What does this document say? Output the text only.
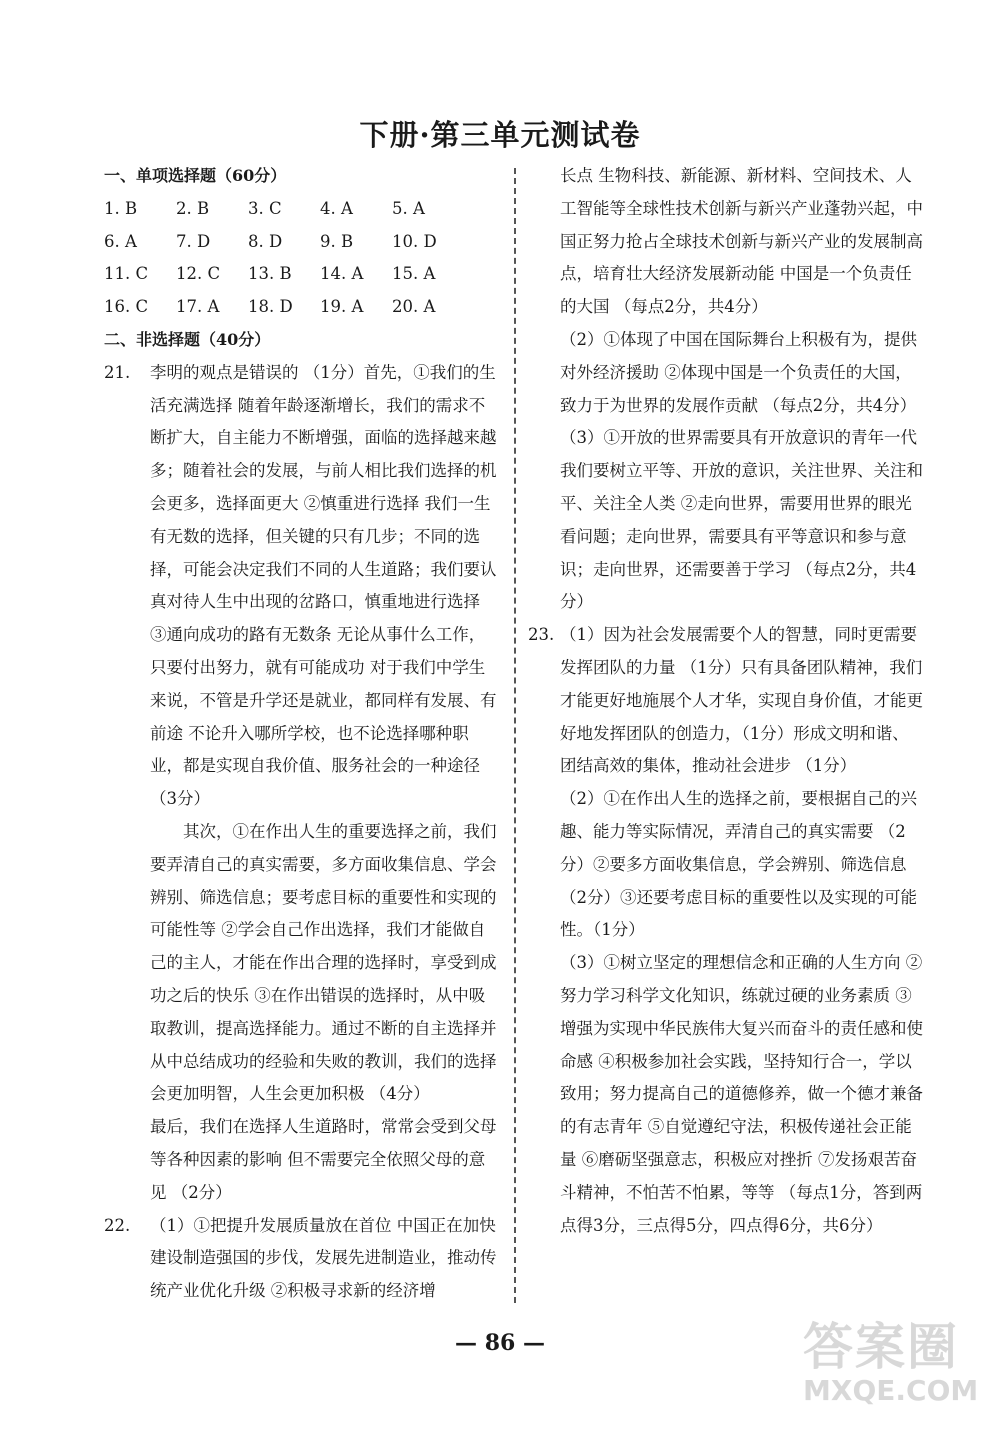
下册·第三单元测试卷
一、单项选择题（60分）
1. B	2. B	3. C	4. A	5. A
6. A	7. D	8. D	9. B	10. D
11. C	12. C	13. B	14. A	15. A
16. C	17. A	18. D	19. A	20. A
二、非选择题（40分）
21. 李明的观点是错误的 （1分）首先，①我们的生活充满选择 随着年龄逐渐增长，我们的需求不断扩大，自主能力不断增强，面临的选择越来越多；随着社会的发展，与前人相比我们选择的机会更多，选择面更大 ②慎重进行选择 我们一生有无数的选择，但关键的只有几步；不同的选择，可能会决定我们不同的人生道路；我们要认真对待人生中出现的岔路口，慎重地进行选择 ③通向成功的路有无数条 无论从事什么工作，只要付出努力，就有可能成功 对于我们中学生来说，不管是升学还是就业，都同样有发展、有前途 不论升入哪所学校，也不论选择哪种职业，都是实现自我价值、服务社会的一种途径 （3分）

其次，①在作出人生的重要选择之前，我们要弄清自己的真实需要，多方面收集信息、学会辨别、筛选信息；要考虑目标的重要性和实现的可能性等 ②学会自己作出选择，我们才能做自己的主人，才能在作出合理的选择时，享受到成功之后的快乐 ③在作出错误的选择时，从中吸取教训，提高选择能力。通过不断的自主选择并从中总结成功的经验和失败的教训，我们的选择会更加明智，人生会更加积极 （4分）

最后，我们在选择人生道路时，常常会受到父母等各种因素的影响 但不需要完全依照父母的意见 （2分）

22. （1）①把提升发展质量放在首位 中国正在加快建设制造强国的步伐，发展先进制造业，推动传统产业优化升级 ②积极寻求新的经济增

长点 生物科技、新能源、新材料、空间技术、人工智能等全球性技术创新与新兴产业蓬勃兴起，中国正努力抢占全球技术创新与新兴产业的发展制高点，培育壮大经济发展新动能 中国是一个负责任的大国 （每点2分，共4分）

（2）①体现了中国在国际舞台上积极有为，提供对外经济援助 ②体现中国是一个负责任的大国，致力于为世界的发展作贡献 （每点2分，共4分）

（3）①开放的世界需要具有开放意识的青年一代 我们要树立平等、开放的意识，关注世界、关注和平、关注全人类 ②走向世界，需要用世界的眼光看问题；走向世界，需要具有平等意识和参与意识；走向世界，还需要善于学习 （每点2分，共4分）

23. （1）因为社会发展需要个人的智慧，同时更需要发挥团队的力量 （1分）只有具备团队精神，我们才能更好地施展个人才华，实现自身价值，才能更好地发挥团队的创造力，（1分）形成文明和谐、团结高效的集体，推动社会进步 （1分）

（2）①在作出人生的选择之前，要根据自己的兴趣、能力等实际情况，弄清自己的真实需要 （2分）②要多方面收集信息，学会辨别、筛选信息 （2分）③还要考虑目标的重要性以及实现的可能性。（1分）

（3）①树立坚定的理想信念和正确的人生方向 ②努力学习科学文化知识，练就过硬的业务素质 ③增强为实现中华民族伟大复兴而奋斗的责任感和使命感 ④积极参加社会实践，坚持知行合一，学以致用；努力提高自己的道德修养，做一个德才兼备的有志青年 ⑤自觉遵纪守法，积极传递社会正能量 ⑥磨砺坚强意志，积极应对挫折 ⑦发扬艰苦奋斗精神，不怕苦不怕累，等等 （每点1分，答到两点得3分，三点得5分，四点得6分，共6分）

— 86 —	答案圈
MXQE.COM
